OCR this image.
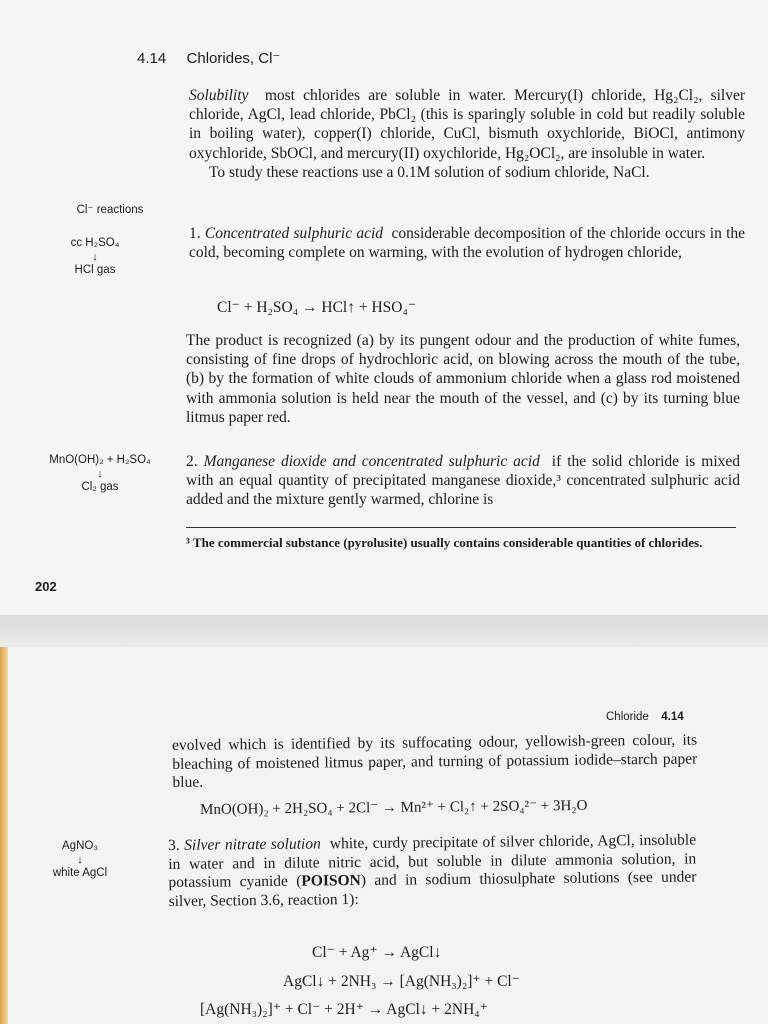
4.14 Chlorides, Cl⁻

Solubility most chlorides are soluble in water. Mercury(I) chloride, Hg₂Cl₂, silver chloride, AgCl, lead chloride, PbCl₂ (this is sparingly soluble in cold but readily soluble in boiling water), copper(I) chloride, CuCl, bismuth oxychloride, BiOCl, antimony oxychloride, SbOCl, and mercury(II) oxychloride, Hg₂OCl₂, are insoluble in water.

To study these reactions use a 0.1M solution of sodium chloride, NaCl.

Cl⁻ reactions
cc H₂SO₄
↓
HCl gas

1. Concentrated sulphuric acid considerable decomposition of the chloride occurs in the cold, becoming complete on warming, with the evolution of hydrogen chloride,

Cl⁻ + H₂SO₄ → HCl↑ + HSO₄⁻
The product is recognized (a) by its pungent odour and the production of white fumes, consisting of fine drops of hydrochloric acid, on blowing across the mouth of the tube, (b) by the formation of white clouds of ammonium chloride when a glass rod moistened with ammonia solution is held near the mouth of the vessel, and (c) by its turning blue litmus paper red.
MnO(OH)₂ + H₂SO₄
↓
Cl₂ gas

2. Manganese dioxide and concentrated sulphuric acid if the solid chloride is mixed with an equal quantity of precipitated manganese dioxide,³ concentrated sulphuric acid added and the mixture gently warmed, chlorine is

³ The commercial substance (pyrolusite) usually contains considerable quantities of chlorides.
202
Chloride 4.14
evolved which is identified by its suffocating odour, yellowish-green colour, its bleaching of moistened litmus paper, and turning of potassium iodide–starch paper blue.
MnO(OH)₂ + 2H₂SO₄ + 2Cl⁻ → Mn²⁺ + Cl₂↑ + 2SO₄²⁻ + 3H₂O
AgNO₃
↓
white AgCl

3. Silver nitrate solution white, curdy precipitate of silver chloride, AgCl, insoluble in water and in dilute nitric acid, but soluble in dilute ammonia solution, in potassium cyanide (POISON) and in sodium thiosulphate solutions (see under silver, Section 3.6, reaction 1):

Cl⁻ + Ag⁺ → AgCl↓
AgCl↓ + 2NH₃ → [Ag(NH₃)₂]⁺ + Cl⁻
[Ag(NH₃)₂]⁺ + Cl⁻ + 2H⁺ → AgCl↓ + 2NH₄⁺
